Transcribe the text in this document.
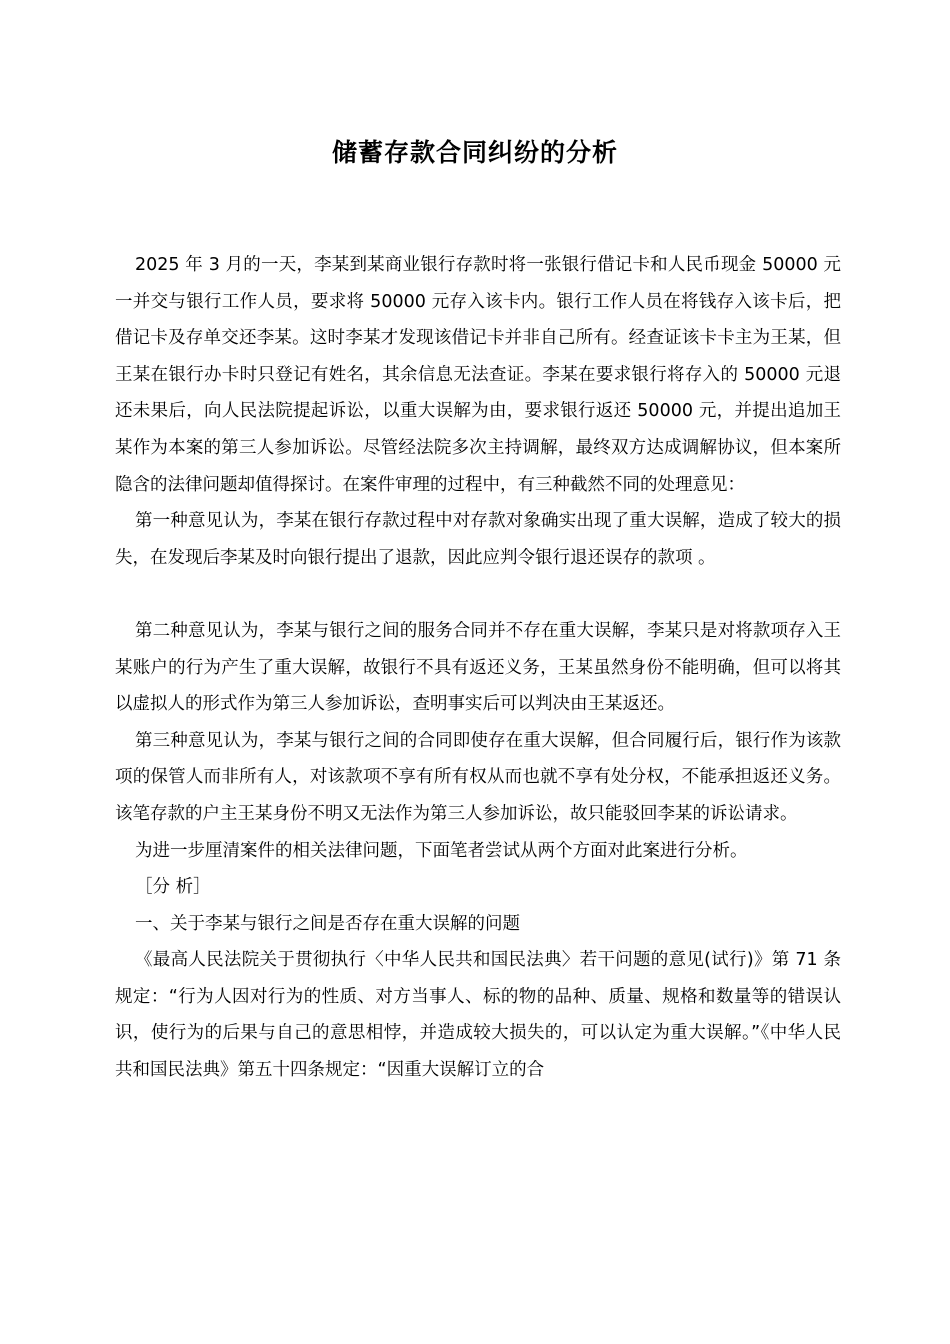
储蓄存款合同纠纷的分析

2025 年 3 月的一天，李某到某商业银行存款时将一张银行借记卡和人民币现金 50000 元一并交与银行工作人员，要求将 50000 元存入该卡内。银行工作人员在将钱存入该卡后，把借记卡及存单交还李某。这时李某才发现该借记卡并非自己所有。经查证该卡卡主为王某，但王某在银行办卡时只登记有姓名，其余信息无法查证。李某在要求银行将存入的 50000 元退还未果后，向人民法院提起诉讼，以重大误解为由，要求银行返还 50000 元，并提出追加王某作为本案的第三人参加诉讼。尽管经法院多次主持调解，最终双方达成调解协议，但本案所隐含的法律问题却值得探讨。在案件审理的过程中，有三种截然不同的处理意见：

第一种意见认为，李某在银行存款过程中对存款对象确实出现了重大误解，造成了较大的损失，在发现后李某及时向银行提出了退款，因此应判令银行退还误存的款项 。

第二种意见认为，李某与银行之间的服务合同并不存在重大误解，李某只是对将款项存入王某账户的行为产生了重大误解，故银行不具有返还义务，王某虽然身份不能明确，但可以将其以虚拟人的形式作为第三人参加诉讼，查明事实后可以判决由王某返还。

第三种意见认为，李某与银行之间的合同即使存在重大误解，但合同履行后，银行作为该款项的保管人而非所有人，对该款项不享有所有权从而也就不享有处分权，不能承担返还义务。该笔存款的户主王某身份不明又无法作为第三人参加诉讼，故只能驳回李某的诉讼请求。

为进一步厘清案件的相关法律问题，下面笔者尝试从两个方面对此案进行分析。

［分 析］

一、关于李某与银行之间是否存在重大误解的问题

《最高人民法院关于贯彻执行〈中华人民共和国民法典〉若干问题的意见(试行)》第 71 条规定：“行为人因对行为的性质、对方当事人、标的物的品种、质量、规格和数量等的错误认识，使行为的后果与自己的意思相悖，并造成较大损失的，可以认定为重大误解。”《中华人民共和国民法典》第五十四条规定：“因重大误解订立的合
